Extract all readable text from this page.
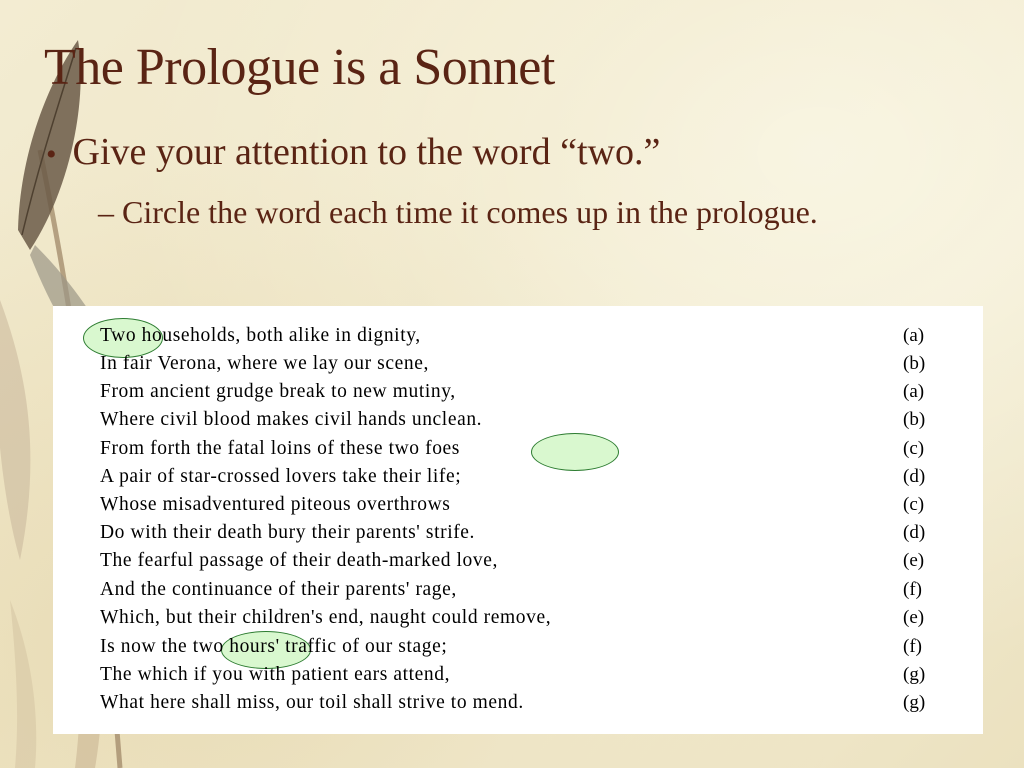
The Prologue is a Sonnet
• Give your attention to the word “two.”
– Circle the word each time it comes up in the prologue.
Two households, both alike in dignity,	(a)
In fair Verona, where we lay our scene,	(b)
From ancient grudge break to new mutiny,	(a)
Where civil blood makes civil hands unclean.	(b)
From forth the fatal loins of these two foes	(c)
A pair of star-crossed lovers take their life;	(d)
Whose misadventured piteous overthrows	(c)
Do with their death bury their parents' strife.	(d)
The fearful passage of their death-marked love,	(e)
And the continuance of their parents' rage,	(f)
Which, but their children's end, naught could remove,	(e)
Is now the two hours' traffic of our stage;	(f)
The which if you with patient ears attend,	(g)
What here shall miss, our toil shall strive to mend.	(g)
